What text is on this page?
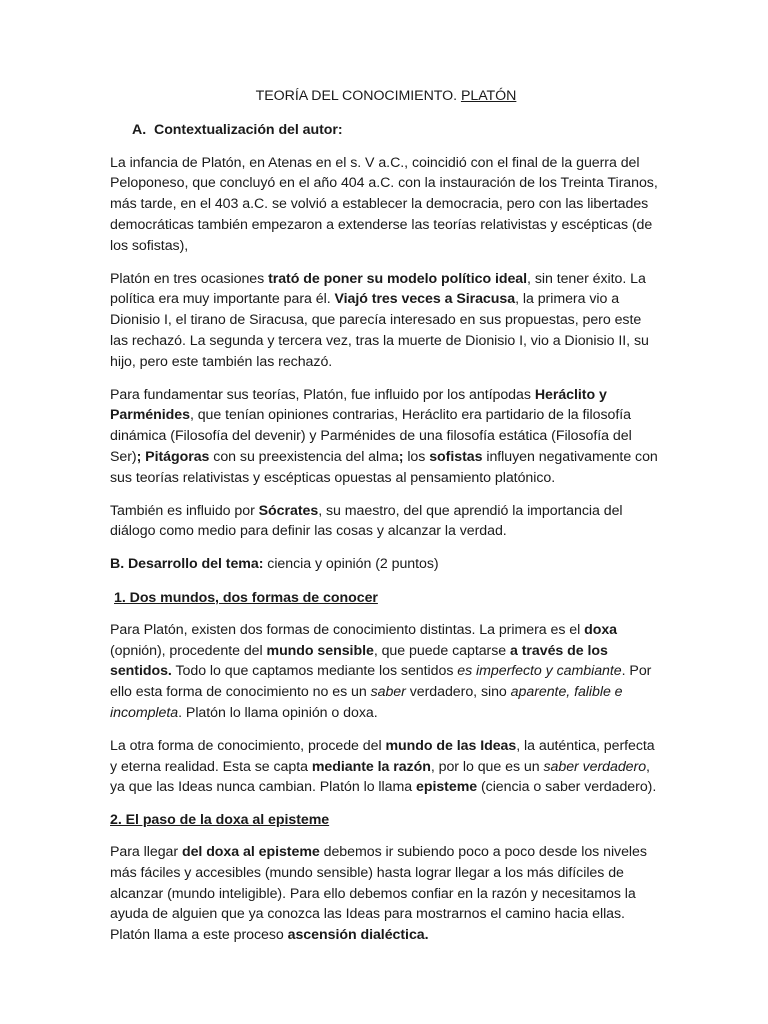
TEORÍA DEL CONOCIMIENTO. PLATÓN
A. Contextualización del autor:

La infancia de Platón, en Atenas en el s. V a.C., coincidió con el final de la guerra del Peloponeso, que concluyó en el año 404 a.C. con la instauración de los Treinta Tiranos, más tarde, en el 403 a.C. se volvió a establecer la democracia, pero con las libertades democráticas también empezaron a extenderse las teorías relativistas y escépticas (de los sofistas),

Platón en tres ocasiones trató de poner su modelo político ideal, sin tener éxito. La política era muy importante para él. Viajó tres veces a Siracusa, la primera vio a Dionisio I, el tirano de Siracusa, que parecía interesado en sus propuestas, pero este las rechazó. La segunda y tercera vez, tras la muerte de Dionisio I, vio a Dionisio II, su hijo, pero este también las rechazó.

Para fundamentar sus teorías, Platón, fue influido por los antípodas Heráclito y Parménides, que tenían opiniones contrarias, Heráclito era partidario de la filosofía dinámica (Filosofía del devenir) y Parménides de una filosofía estática (Filosofía del Ser); Pitágoras con su preexistencia del alma; los sofistas influyen negativamente con sus teorías relativistas y escépticas opuestas al pensamiento platónico.

También es influido por Sócrates, su maestro, del que aprendió la importancia del diálogo como medio para definir las cosas y alcanzar la verdad.

B. Desarrollo del tema: ciencia y opinión (2 puntos)

1. Dos mundos, dos formas de conocer

Para Platón, existen dos formas de conocimiento distintas. La primera es el doxa (opnión), procedente del mundo sensible, que puede captarse a través de los sentidos. Todo lo que captamos mediante los sentidos es imperfecto y cambiante. Por ello esta forma de conocimiento no es un saber verdadero, sino aparente, falible e incompleta. Platón lo llama opinión o doxa.

La otra forma de conocimiento, procede del mundo de las Ideas, la auténtica, perfecta y eterna realidad. Esta se capta mediante la razón, por lo que es un saber verdadero, ya que las Ideas nunca cambian. Platón lo llama episteme (ciencia o saber verdadero).

2. El paso de la doxa al episteme

Para llegar del doxa al episteme debemos ir subiendo poco a poco desde los niveles más fáciles y accesibles (mundo sensible) hasta lograr llegar a los más difíciles de alcanzar (mundo inteligible). Para ello debemos confiar en la razón y necesitamos la ayuda de alguien que ya conozca las Ideas para mostrarnos el camino hacia ellas. Platón llama a este proceso ascensión dialéctica.
